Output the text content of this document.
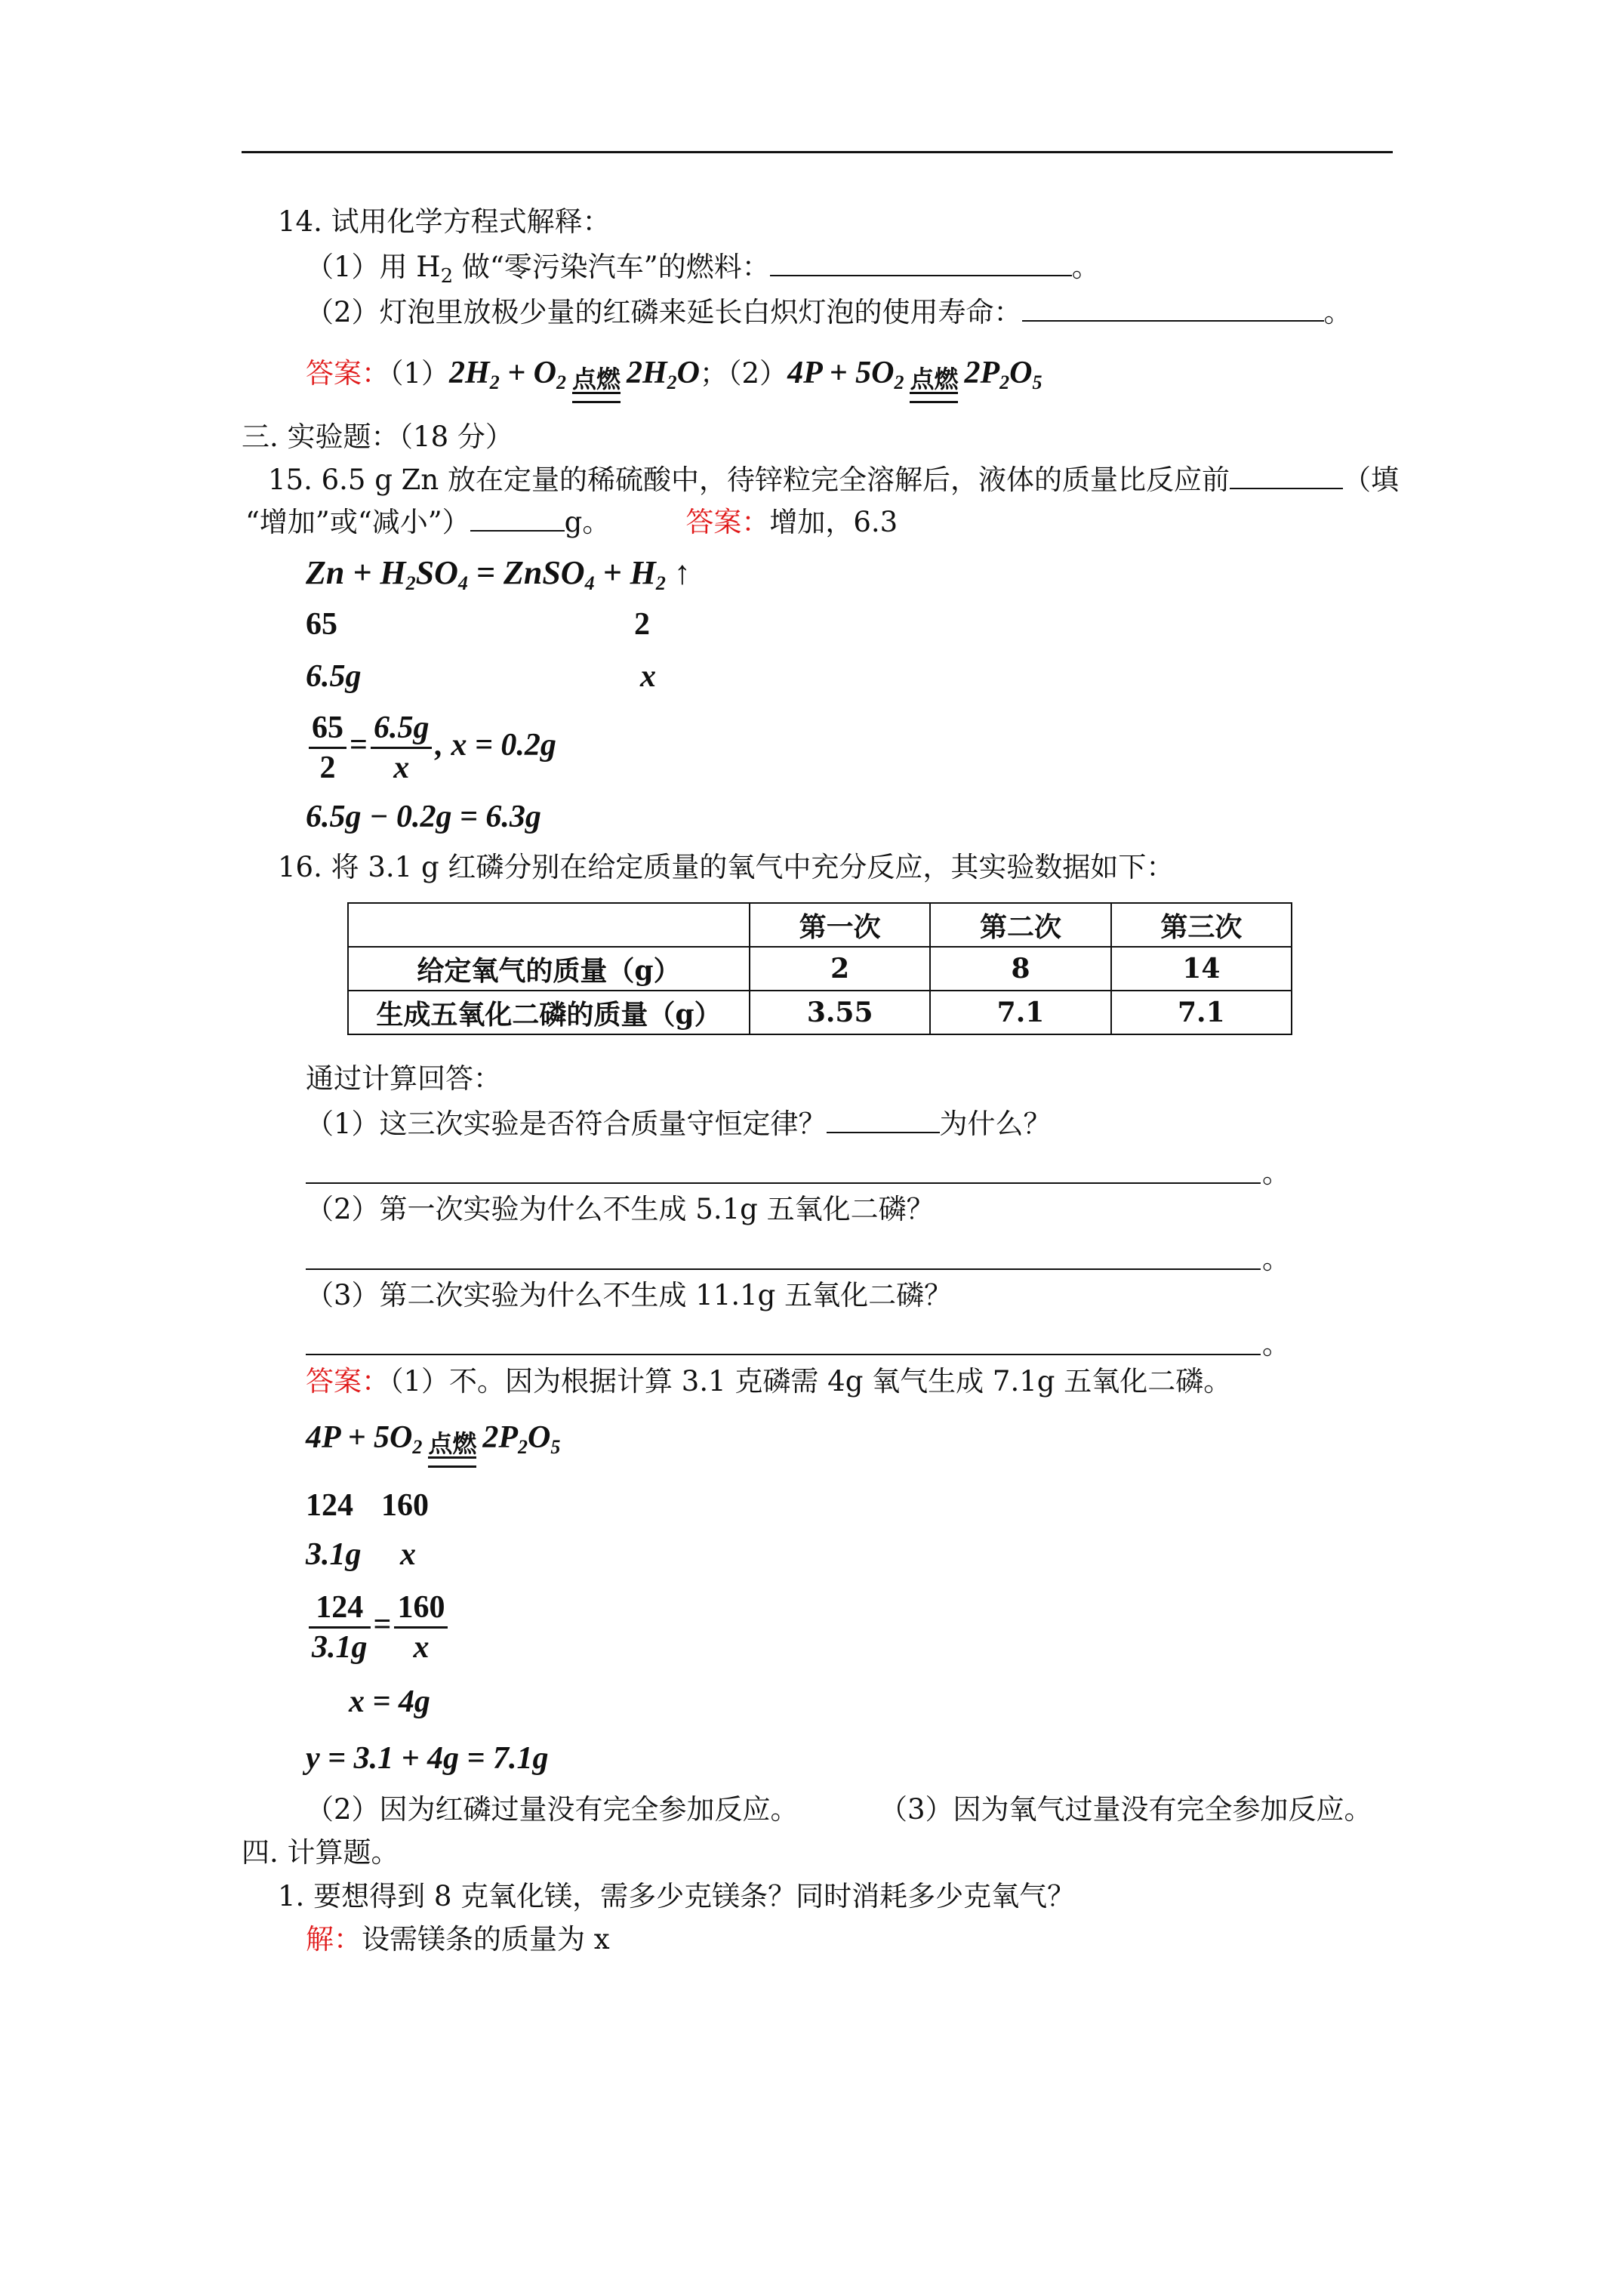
14. 试用化学方程式解释：
（1）用 $H_2$ 做“零污染汽车”的燃料：	。
（2）灯泡里放极少量的红磷来延长白炽灯泡的使用寿命：	。
答案：$(1)2H_2 + O_2$ 点燃 $2H_2O$；$(2)4P + 5O_2$ 点燃 $2P_2O_5$
三. 实验题：（18 分）
15. 6.5 g Zn 放在定量的稀硫酸中，待锌粒完全溶解后，液体的质量比反应前	（填
“增加”或“减小”）	g。	答案：增加，6.3
$Zn + H_2SO_4$ = ZnSO$_4$ + $H_2$ ↑
65	2
6.5g	x
$\frac{65}{2} = \frac{6.5g}{x}$ , x = 0.2g
6.5g − 0.2g = 6.3g
16. 将 3.1 g 红磷分别在给定质量的氧气中充分反应，其实验数据如下：
	第一次	第二次	第三次
给定氧气的质量（g）	2	8	14
生成五氧化二磷的质量（g）	3.55	7.1	7.1
通过计算回答：
（1）这三次实验是否符合质量守恒定律？	为什么？
。
（2）第一次实验为什么不生成 5.1g 五氧化二磷？
。
（3）第二次实验为什么不生成 11.1g 五氧化二磷？
。
答案：（1）不。因为根据计算 3.1 克磷需 4g 氧气生成 7.1g 五氧化二磷。
$4P + 5O_2$ 点燃 $2P_2O_5$
124 160
3.1g x
$\frac{124}{3.1g} = \frac{160}{x}$
x = 4g
y = 3.1 + 4g = 7.1g
（2）因为红磷过量没有完全参加反应。	（3）因为氧气过量没有完全参加反应。
四. 计算题。
1. 要想得到 8 克氧化镁，需多少克镁条？同时消耗多少克氧气？
解：设需镁条的质量为 x
